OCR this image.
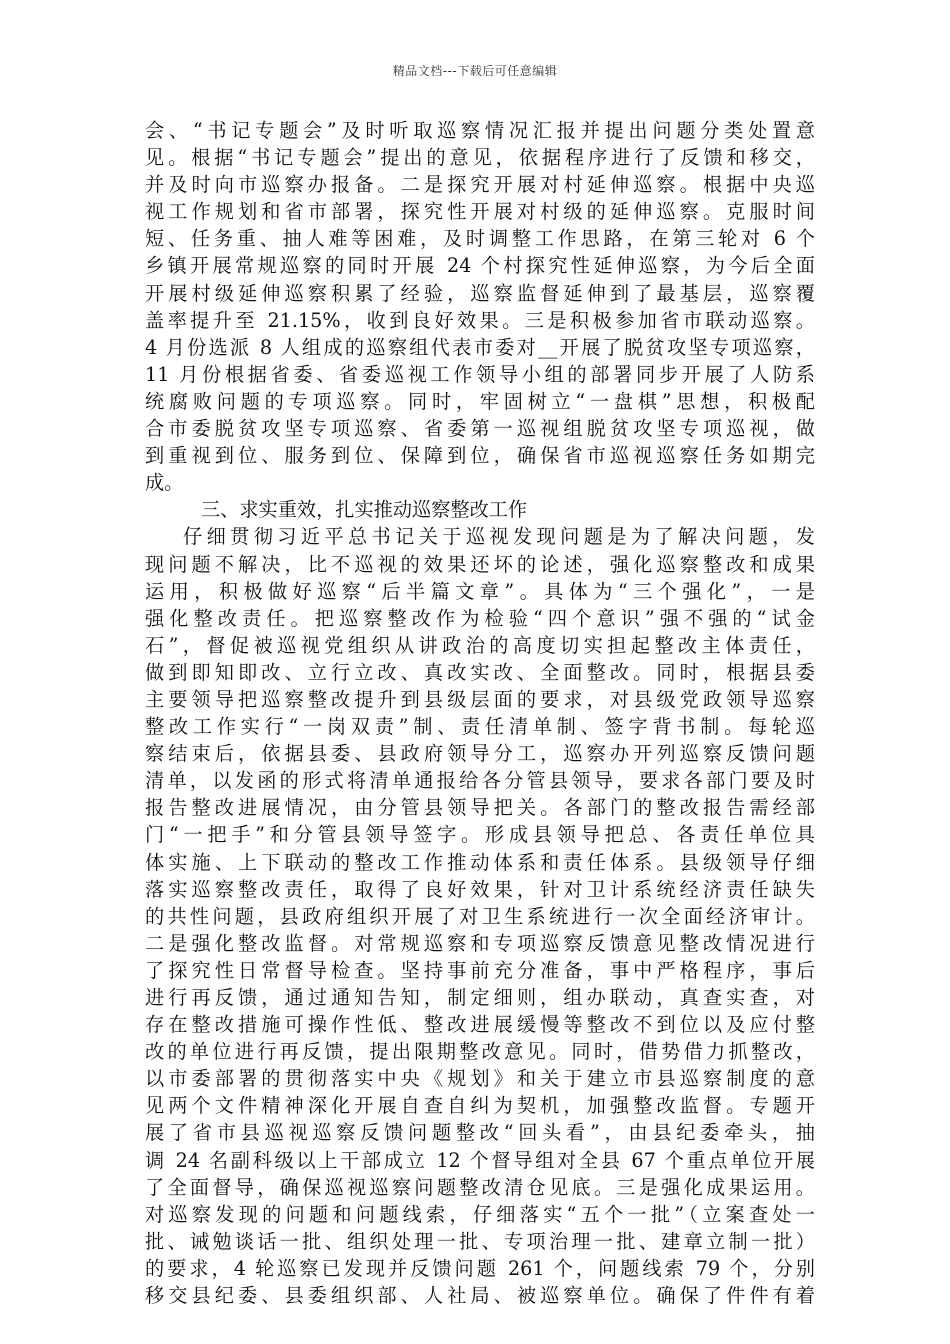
精品文档---下载后可任意编辑
会、“书记专题会”及时听取巡察情况汇报并提出问题分类处置意
见。根据“书记专题会”提出的意见，依据程序进行了反馈和移交，
并及时向市巡察办报备。二是探究开展对村延伸巡察。根据中央巡
视工作规划和省市部署，探究性开展对村级的延伸巡察。克服时间
短、任务重、抽人难等困难，及时调整工作思路，在第三轮对 6 个
乡镇开展常规巡察的同时开展 24 个村探究性延伸巡察，为今后全面
开展村级延伸巡察积累了经验，巡察监督延伸到了最基层，巡察覆
盖率提升至 21.15%，收到良好效果。三是积极参加省市联动巡察。
4 月份选派 8 人组成的巡察组代表市委对__开展了脱贫攻坚专项巡察，
11 月份根据省委、省委巡视工作领导小组的部署同步开展了人防系
统腐败问题的专项巡察。同时，牢固树立“一盘棋”思想，积极配
合市委脱贫攻坚专项巡察、省委第一巡视组脱贫攻坚专项巡视，做
到重视到位、服务到位、保障到位，确保省市巡视巡察任务如期完
成。
三、求实重效，扎实推动巡察整改工作
仔细贯彻习近平总书记关于巡视发现问题是为了解决问题，发
现问题不解决，比不巡视的效果还坏的论述，强化巡察整改和成果
运用，积极做好巡察“后半篇文章”。具体为“三个强化”，一是
强化整改责任。把巡察整改作为检验“四个意识”强不强的“试金
石”，督促被巡视党组织从讲政治的高度切实担起整改主体责任，
做到即知即改、立行立改、真改实改、全面整改。同时，根据县委
主要领导把巡察整改提升到县级层面的要求，对县级党政领导巡察
整改工作实行“一岗双责”制、责任清单制、签字背书制。每轮巡
察结束后，依据县委、县政府领导分工，巡察办开列巡察反馈问题
清单，以发函的形式将清单通报给各分管县领导，要求各部门要及时
报告整改进展情况，由分管县领导把关。各部门的整改报告需经部
门“一把手”和分管县领导签字。形成县领导把总、各责任单位具
体实施、上下联动的整改工作推动体系和责任体系。县级领导仔细
落实巡察整改责任，取得了良好效果，针对卫计系统经济责任缺失
的共性问题，县政府组织开展了对卫生系统进行一次全面经济审计。
二是强化整改监督。对常规巡察和专项巡察反馈意见整改情况进行
了探究性日常督导检查。坚持事前充分准备，事中严格程序，事后
进行再反馈，通过通知告知，制定细则，组办联动，真查实查，对
存在整改措施可操作性低、整改进展缓慢等整改不到位以及应付整
改的单位进行再反馈，提出限期整改意见。同时，借势借力抓整改，
以市委部署的贯彻落实中央《规划》和关于建立市县巡察制度的意
见两个文件精神深化开展自查自纠为契机，加强整改监督。专题开
展了省市县巡视巡察反馈问题整改“回头看”，由县纪委牵头，抽
调 24 名副科级以上干部成立 12 个督导组对全县 67 个重点单位开展
了全面督导，确保巡视巡察问题整改清仓见底。三是强化成果运用。
对巡察发现的问题和问题线索，仔细落实“五个一批”（立案查处一
批、诫勉谈话一批、组织处理一批、专项治理一批、建章立制一批）
的要求，4 轮巡察已发现并反馈问题 261 个，问题线索 79 个，分别
移交县纪委、县委组织部、人社局、被巡察单位。确保了件件有着
